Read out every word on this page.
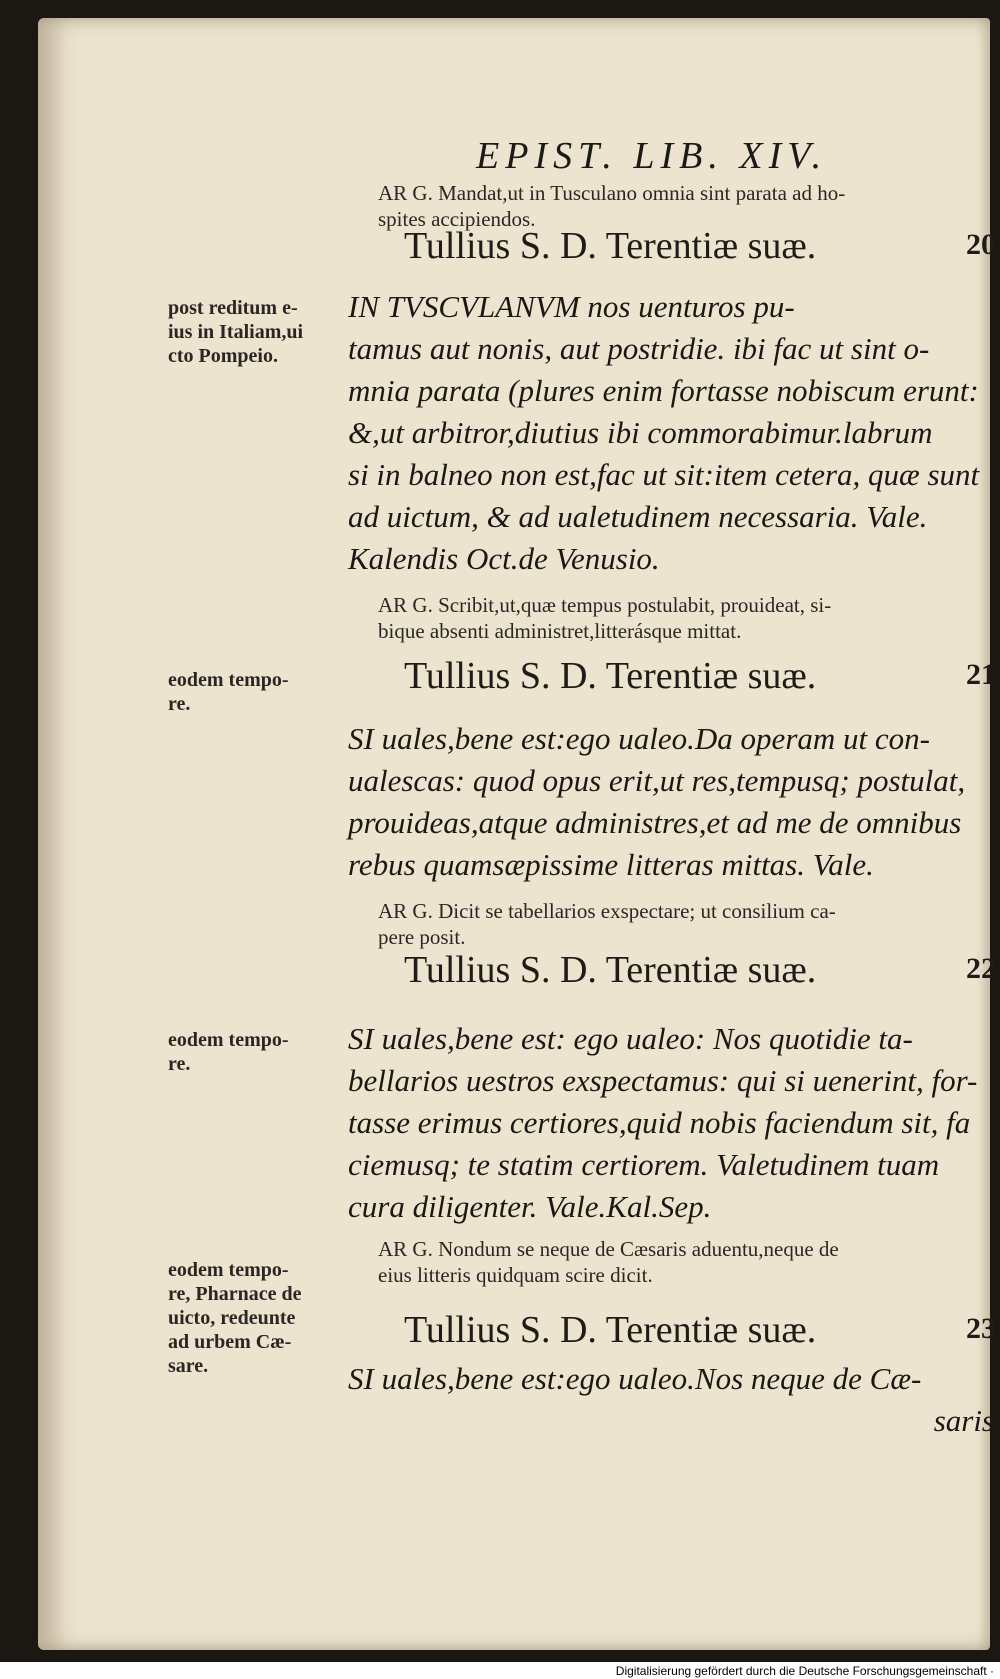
EPIST. LIB. XIV.
AR G. Mandat,ut in Tusculano omnia sint parata ad ho-
spites accipiendos.
Tullius S. D. Terentiæ suæ.	20
post reditum e-
ius in Italiam,ui
cto Pompeio.
IN TVSCVLANVM nos uenturos pu-
tamus aut nonis, aut postridie. ibi fac ut sint o-
mnia parata (plures enim fortasse nobiscum erunt:
&,ut arbitror,diutius ibi commorabimur.labrum
si in balneo non est,fac ut sit:item cetera, quæ sunt
ad uictum, & ad ualetudinem necessaria. Vale.
Kalendis Oct.de Venusio.
AR G. Scribit,ut,quæ tempus postulabit, prouideat, si-
bique absenti administret,litterásque mittat.
Tullius S. D. Terentiæ suæ.	21
eodem tempo-
re.
SI uales,bene est:ego ualeo.Da operam ut con-
ualescas: quod opus erit,ut res,tempusq; postulat,
prouideas,atque administres,et ad me de omnibus
rebus quamsæpissime litteras mittas. Vale.
AR G. Dicit se tabellarios exspectare; ut consilium ca-
pere posit.
Tullius S. D. Terentiæ suæ.	22
eodem tempo-
re.
SI uales,bene est: ego ualeo: Nos quotidie ta-
bellarios uestros exspectamus: qui si uenerint, for-
tasse erimus certiores,quid nobis faciendum sit, fa
ciemusq; te statim certiorem. Valetudinem tuam
cura diligenter. Vale.Kal.Sep.
AR G. Nondum se neque de Cæsaris aduentu,neque de
eius litteris quidquam scire dicit.
Tullius S. D. Terentiæ suæ.	23
eodem tempo-
re, Pharnace de
uicto, redeunte
ad urbem Cæ-
sare.	SI uales,bene est:ego ualeo.Nos neque de Cæ-
saris
Digitalisierung gefördert durch die Deutsche Forschungsgemeinschaft ·
